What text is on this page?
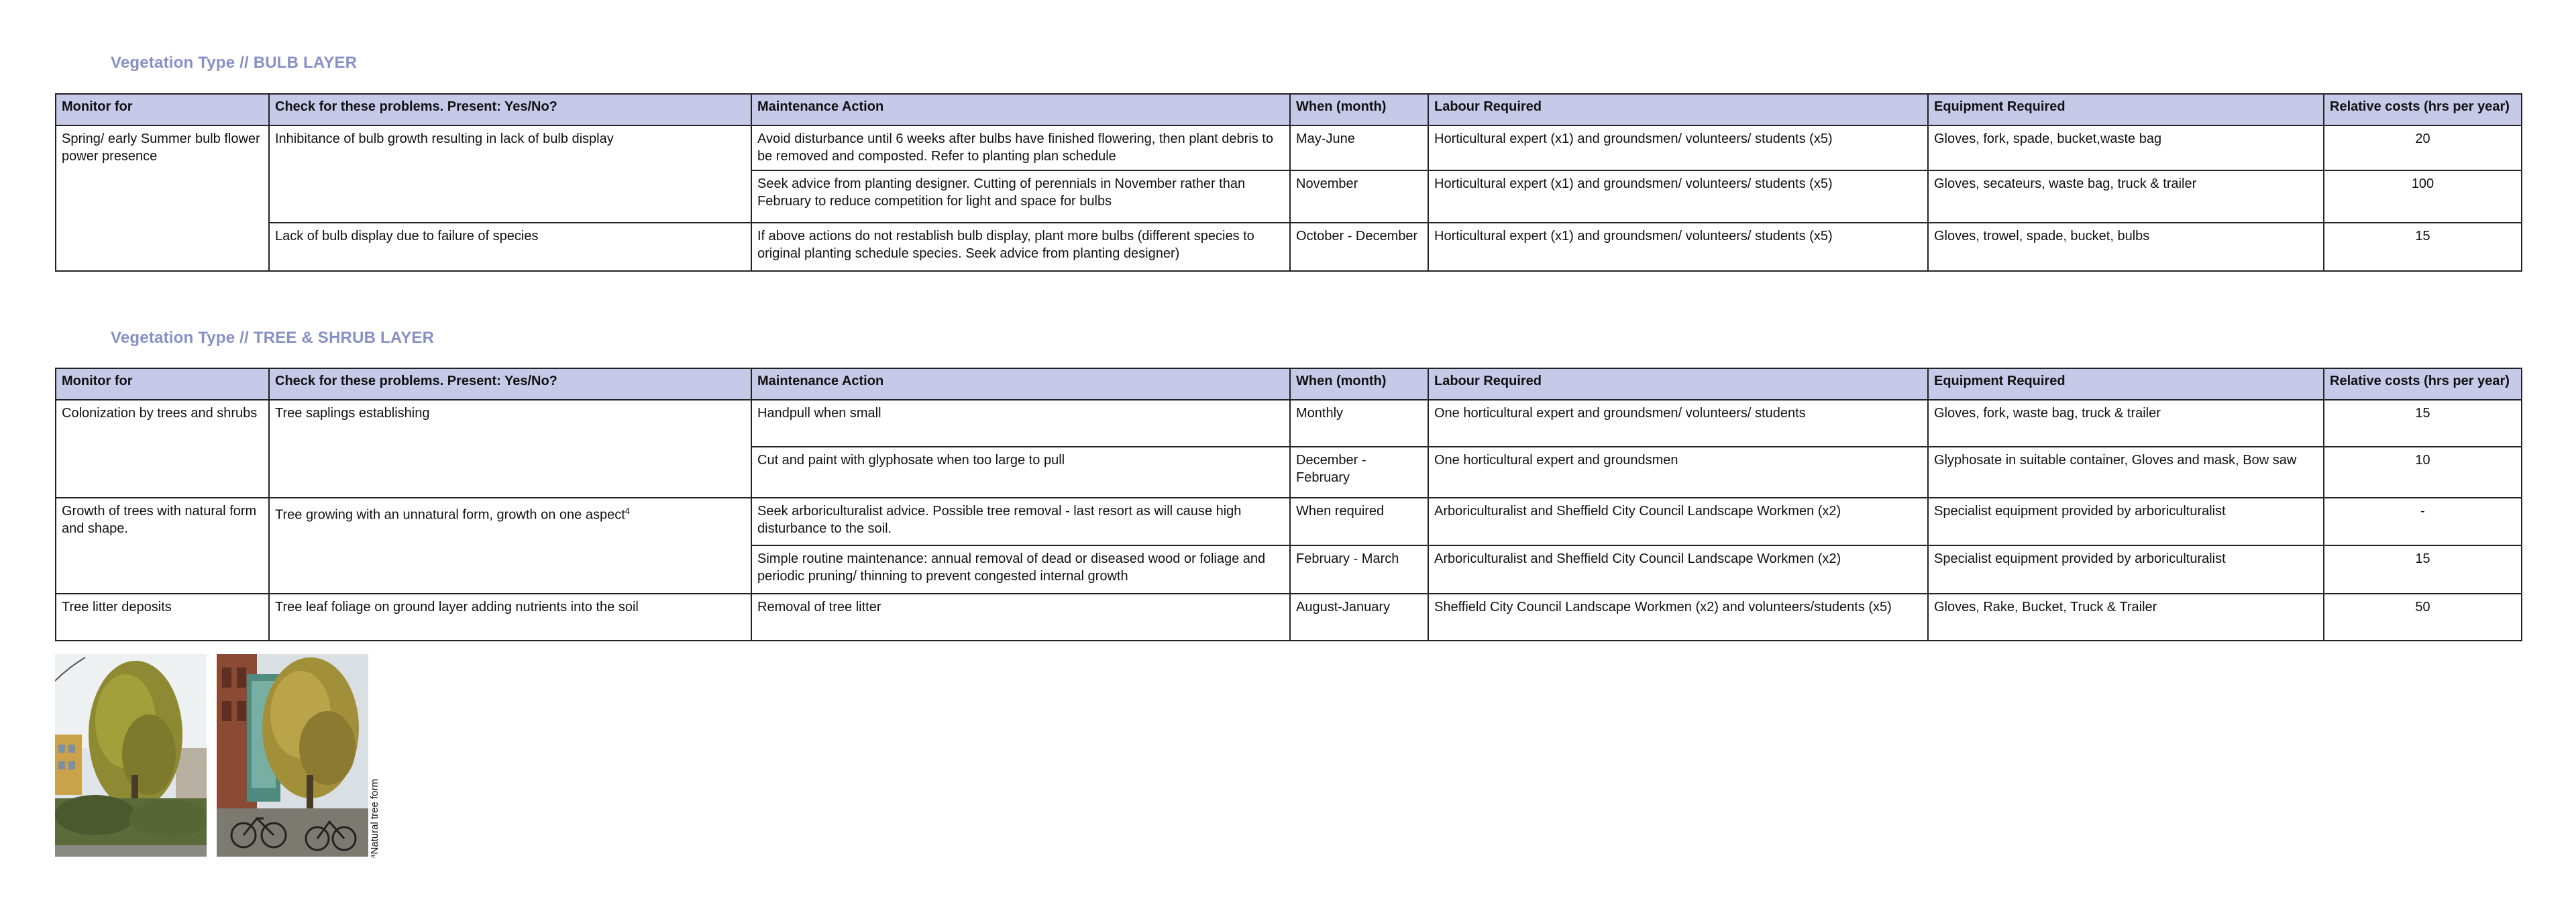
Vegetation Type // BULB LAYER
Monitor for	Check for these problems. Present: Yes/No?	Maintenance Action	When (month)	Labour Required	Equipment Required	Relative costs (hrs per year)
Spring/ early Summer bulb flower power presence	Inhibitance of bulb growth resulting in lack of bulb display	Avoid disturbance until 6 weeks after bulbs have finished flowering, then plant debris to be removed and composted. Refer to planting plan schedule	May-June	Horticultural expert (x1) and groundsmen/ volunteers/ students (x5)	Gloves, fork, spade, bucket,waste bag	20
		Seek advice from planting designer. Cutting of perennials in November rather than February to reduce competition for light and space for bulbs	November	Horticultural expert (x1) and groundsmen/ volunteers/ students (x5)	Gloves, secateurs, waste bag, truck & trailer	100
	Lack of bulb display due to failure of species	If above actions do not restablish bulb display, plant more bulbs (different species to original planting schedule species. Seek advice from planting designer)	October - December	Horticultural expert (x1) and groundsmen/ volunteers/ students (x5)	Gloves, trowel, spade, bucket, bulbs	15
Vegetation Type // TREE & SHRUB LAYER
Monitor for	Check for these problems. Present: Yes/No?	Maintenance Action	When (month)	Labour Required	Equipment Required	Relative costs (hrs per year)
Colonization by trees and shrubs	Tree saplings establishing	Handpull when small	Monthly	One horticultural expert and groundsmen/ volunteers/ students	Gloves, fork, waste bag, truck & trailer	15
		Cut and paint with glyphosate when too large to pull	December - February	One horticultural expert and groundsmen	Glyphosate in suitable container, Gloves and mask, Bow saw	10
Growth of trees with natural form and shape.	Tree growing with an unnatural form, growth on one aspect$^4$	Seek arboriculturalist advice. Possible tree removal - last resort as will cause high disturbance to the soil.	When required	Arboriculturalist and Sheffield City Council Landscape Workmen (x2)	Specialist equipment provided by arboriculturalist	-
		Simple routine maintenance: annual removal of dead or diseased wood or foliage and periodic pruning/ thinning to prevent congested internal growth	February - March	Arboriculturalist and Sheffield City Council Landscape Workmen (x2)	Specialist equipment provided by arboriculturalist	15
Tree litter deposits	Tree leaf foliage on ground layer adding nutrients into the soil	Removal of tree litter	August-January	Sheffield City Council Landscape Workmen (x2) and volunteers/students (x5)	Gloves, Rake, Bucket, Truck & Trailer	50
⁴Natural tree form
